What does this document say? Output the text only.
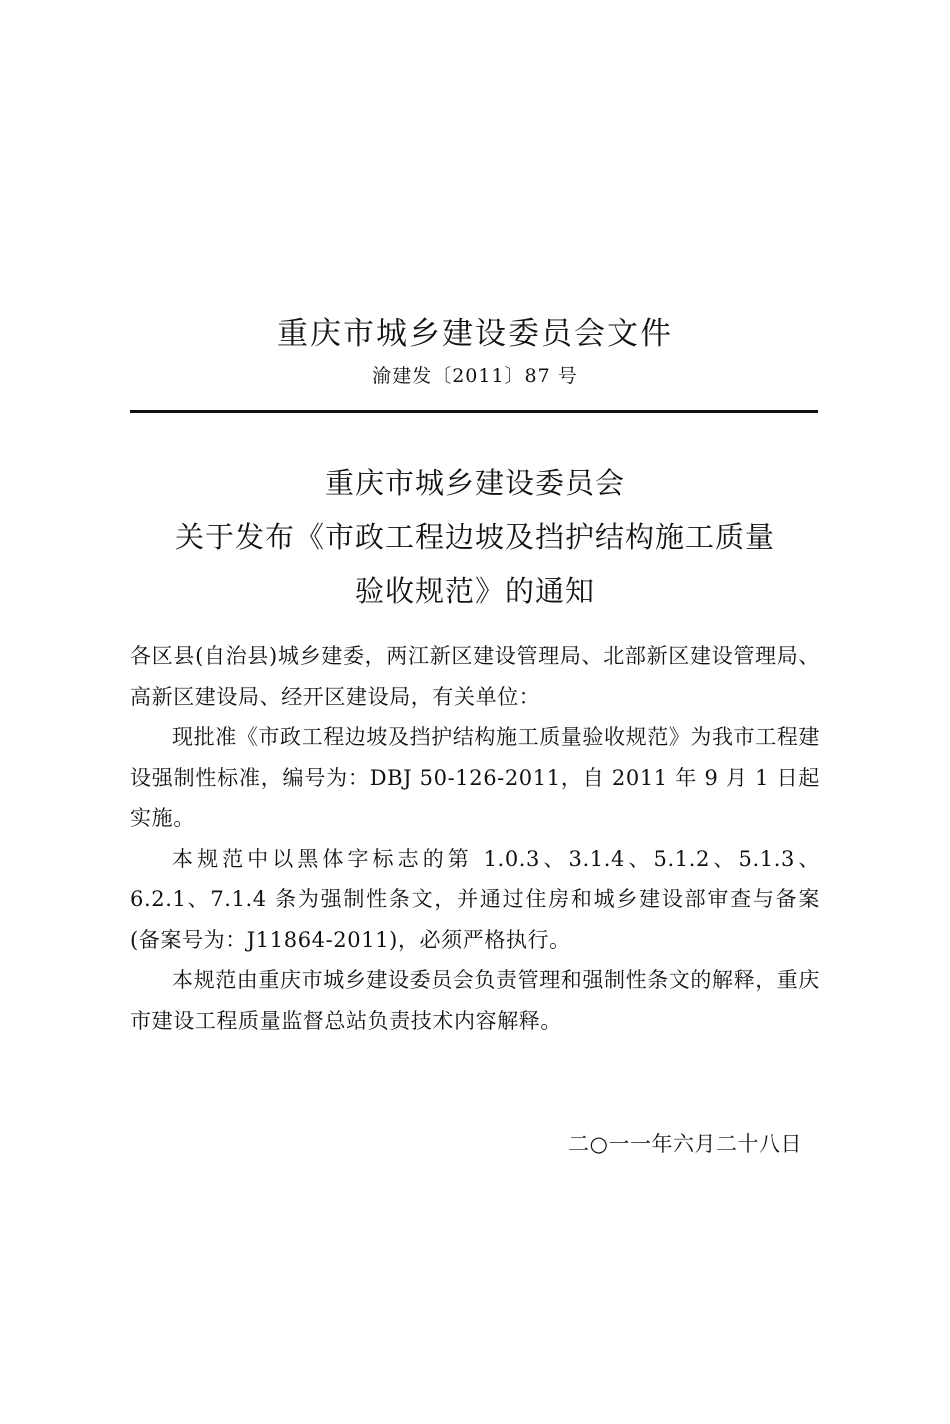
重庆市城乡建设委员会文件
渝建发〔2011〕87 号
重庆市城乡建设委员会
关于发布《市政工程边坡及挡护结构施工质量
验收规范》的通知

各区县(自治县)城乡建委，两江新区建设管理局、北部新区建设管理局、高新区建设局、经开区建设局，有关单位：

现批准《市政工程边坡及挡护结构施工质量验收规范》为我市工程建设强制性标准，编号为：DBJ 50-126-2011，自 2011 年 9 月 1 日起实施。

本规范中以黑体字标志的第 1.0.3、3.1.4、5.1.2、5.1.3、6.2.1、7.1.4 条为强制性条文，并通过住房和城乡建设部审查与备案(备案号为：J11864-2011)，必须严格执行。

本规范由重庆市城乡建设委员会负责管理和强制性条文的解释，重庆市建设工程质量监督总站负责技术内容解释。

二○一一年六月二十八日
